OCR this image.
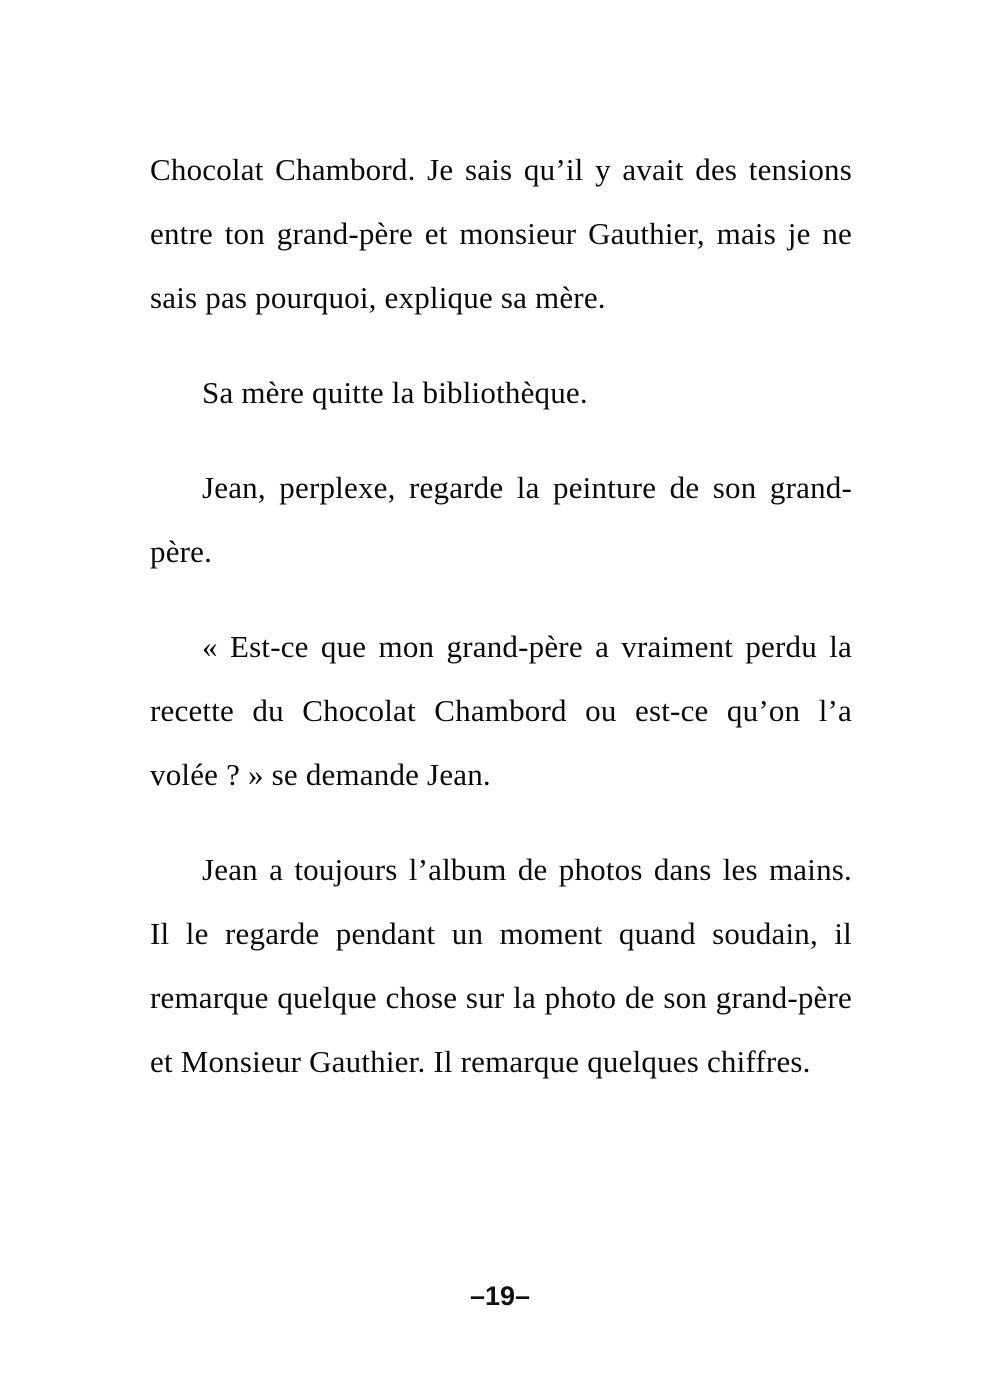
Chocolat Chambord. Je sais qu’il y avait des tensions entre ton grand-père et monsieur Gauthier, mais je ne sais pas pourquoi, explique sa mère.

Sa mère quitte la bibliothèque.

Jean, perplexe, regarde la peinture de son grand-père.

« Est-ce que mon grand-père a vraiment perdu la recette du Chocolat Chambord ou est-ce qu’on l’a volée ? » se demande Jean.

Jean a toujours l’album de photos dans les mains. Il le regarde pendant un moment quand soudain, il remarque quelque chose sur la photo de son grand-père et Monsieur Gauthier. Il remarque quelques chiffres.

–19–
